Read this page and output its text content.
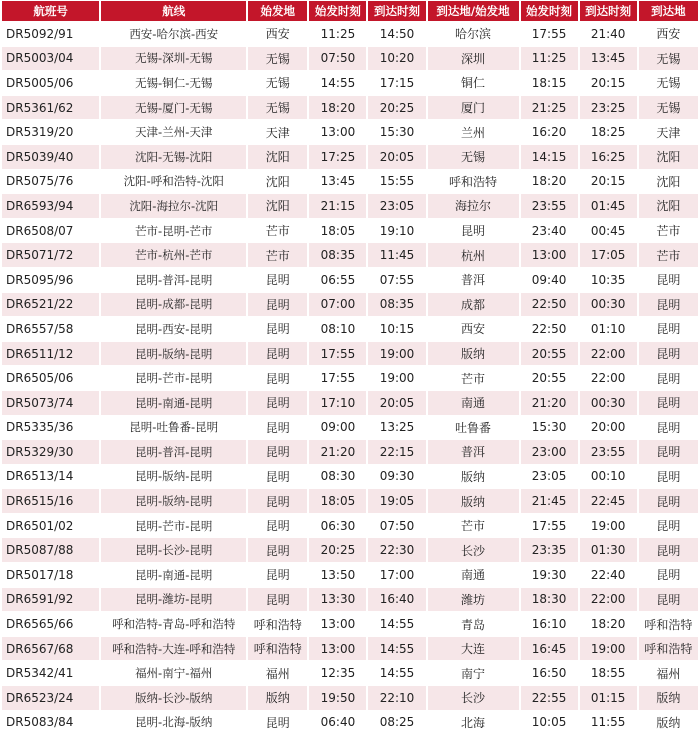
航班号	航线	始发地	始发时刻	到达时刻	到达地/始发地	始发时刻	到达时刻	到达地
DR5092/91	西安-哈尔滨-西安	西安	11:25	14:50	哈尔滨	17:55	21:40	西安
DR5003/04	无锡-深圳-无锡	无锡	07:50	10:20	深圳	11:25	13:45	无锡
DR5005/06	无锡-铜仁-无锡	无锡	14:55	17:15	铜仁	18:15	20:15	无锡
DR5361/62	无锡-厦门-无锡	无锡	18:20	20:25	厦门	21:25	23:25	无锡
DR5319/20	天津-兰州-天津	天津	13:00	15:30	兰州	16:20	18:25	天津
DR5039/40	沈阳-无锡-沈阳	沈阳	17:25	20:05	无锡	14:15	16:25	沈阳
DR5075/76	沈阳-呼和浩特-沈阳	沈阳	13:45	15:55	呼和浩特	18:20	20:15	沈阳
DR6593/94	沈阳-海拉尔-沈阳	沈阳	21:15	23:05	海拉尔	23:55	01:45	沈阳
DR6508/07	芒市-昆明-芒市	芒市	18:05	19:10	昆明	23:40	00:45	芒市
DR5071/72	芒市-杭州-芒市	芒市	08:35	11:45	杭州	13:00	17:05	芒市
DR5095/96	昆明-普洱-昆明	昆明	06:55	07:55	普洱	09:40	10:35	昆明
DR6521/22	昆明-成都-昆明	昆明	07:00	08:35	成都	22:50	00:30	昆明
DR6557/58	昆明-西安-昆明	昆明	08:10	10:15	西安	22:50	01:10	昆明
DR6511/12	昆明-版纳-昆明	昆明	17:55	19:00	版纳	20:55	22:00	昆明
DR6505/06	昆明-芒市-昆明	昆明	17:55	19:00	芒市	20:55	22:00	昆明
DR5073/74	昆明-南通-昆明	昆明	17:10	20:05	南通	21:20	00:30	昆明
DR5335/36	昆明-吐鲁番-昆明	昆明	09:00	13:25	吐鲁番	15:30	20:00	昆明
DR5329/30	昆明-普洱-昆明	昆明	21:20	22:15	普洱	23:00	23:55	昆明
DR6513/14	昆明-版纳-昆明	昆明	08:30	09:30	版纳	23:05	00:10	昆明
DR6515/16	昆明-版纳-昆明	昆明	18:05	19:05	版纳	21:45	22:45	昆明
DR6501/02	昆明-芒市-昆明	昆明	06:30	07:50	芒市	17:55	19:00	昆明
DR5087/88	昆明-长沙-昆明	昆明	20:25	22:30	长沙	23:35	01:30	昆明
DR5017/18	昆明-南通-昆明	昆明	13:50	17:00	南通	19:30	22:40	昆明
DR6591/92	昆明-潍坊-昆明	昆明	13:30	16:40	潍坊	18:30	22:00	昆明
DR6565/66	呼和浩特-青岛-呼和浩特	呼和浩特	13:00	14:55	青岛	16:10	18:20	呼和浩特
DR6567/68	呼和浩特-大连-呼和浩特	呼和浩特	13:00	14:55	大连	16:45	19:00	呼和浩特
DR5342/41	福州-南宁-福州	福州	12:35	14:55	南宁	16:50	18:55	福州
DR6523/24	版纳-长沙-版纳	版纳	19:50	22:10	长沙	22:55	01:15	版纳
DR5083/84	昆明-北海-版纳	昆明	06:40	08:25	北海	10:05	11:55	版纳
